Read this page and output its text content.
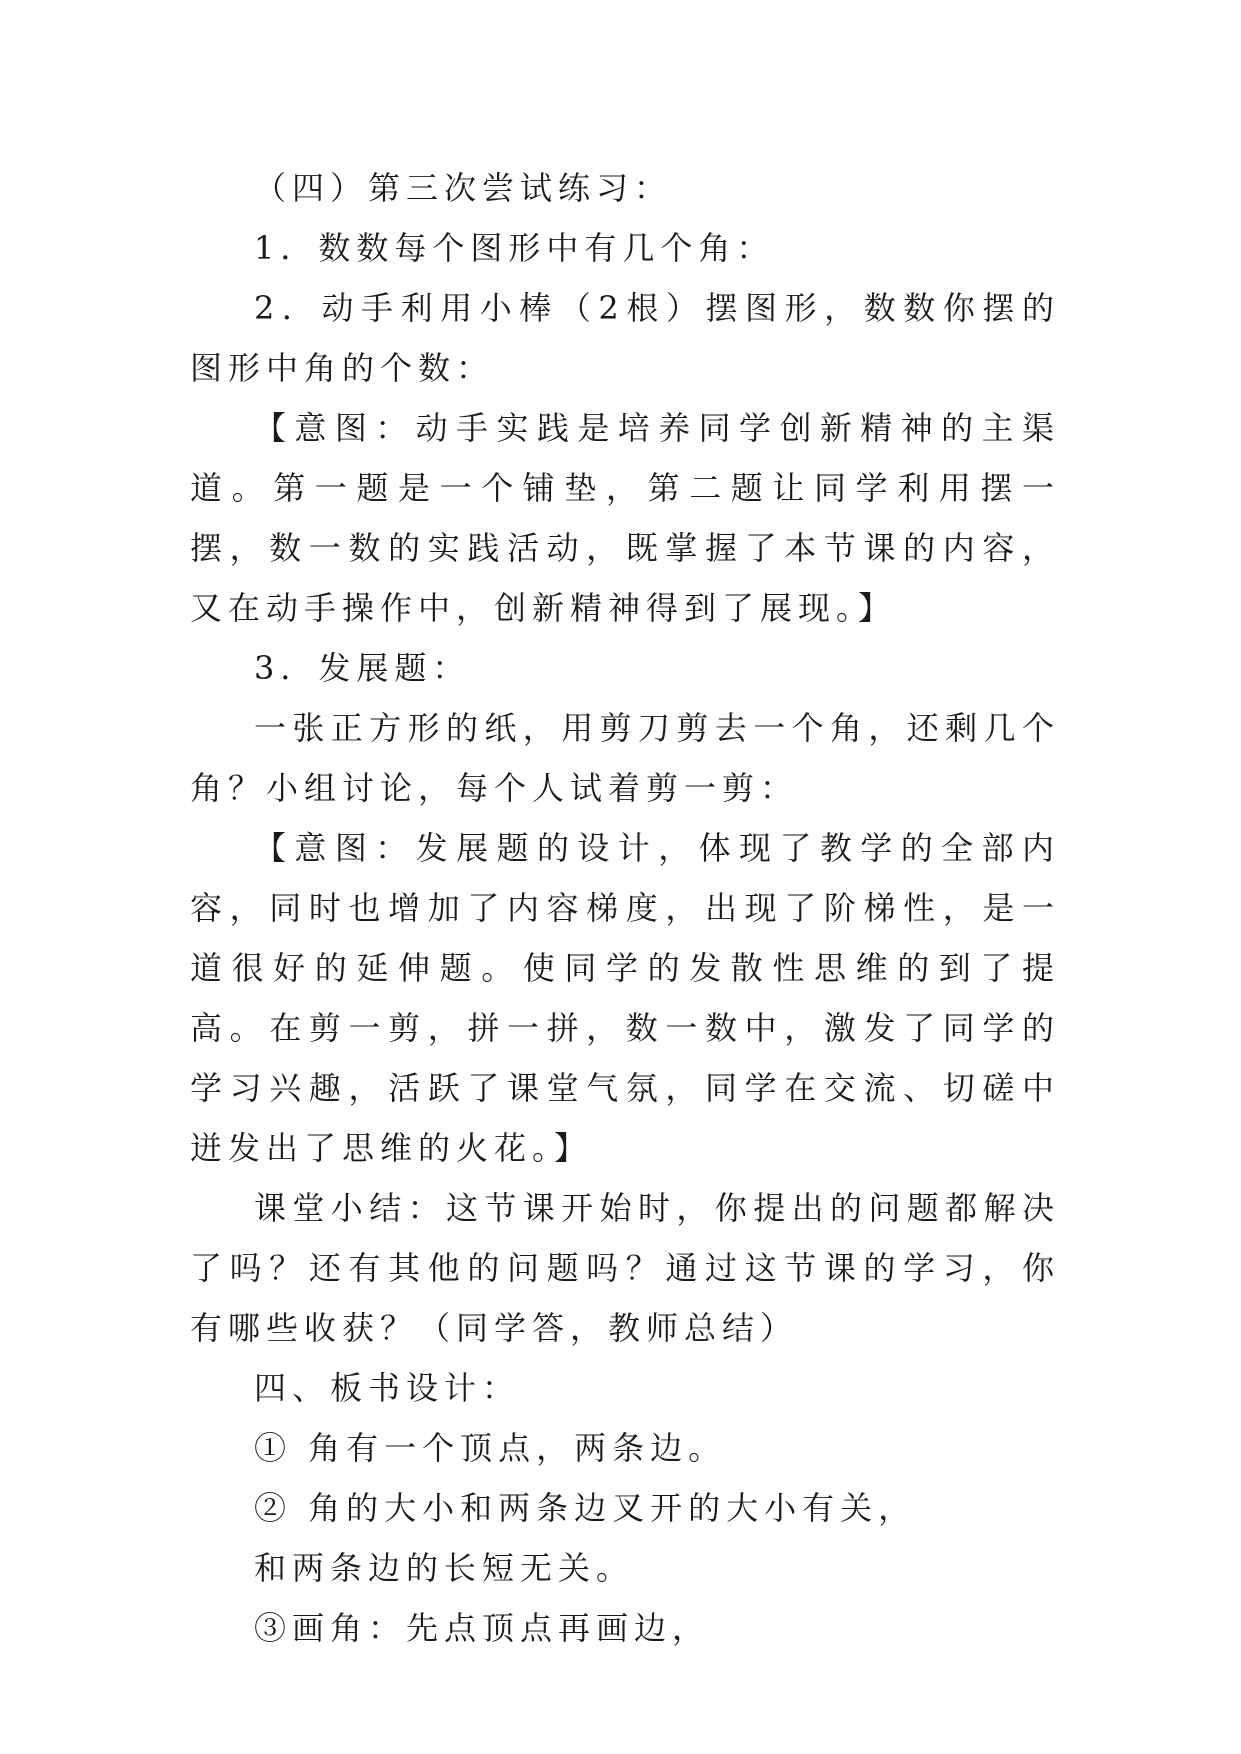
（四）第三次尝试练习：

1．数数每个图形中有几个角：

2．动手利用小棒（2根）摆图形，数数你摆的图形中角的个数：

【意图：动手实践是培养同学创新精神的主渠道。第一题是一个铺垫，第二题让同学利用摆一摆，数一数的实践活动，既掌握了本节课的内容，又在动手操作中，创新精神得到了展现。】

3．发展题：

一张正方形的纸，用剪刀剪去一个角，还剩几个角？小组讨论，每个人试着剪一剪：

【意图：发展题的设计，体现了教学的全部内容，同时也增加了内容梯度，出现了阶梯性，是一道很好的延伸题。使同学的发散性思维的到了提高。在剪一剪，拼一拼，数一数中，激发了同学的学习兴趣，活跃了课堂气氛，同学在交流、切磋中迸发出了思维的火花。】

课堂小结：这节课开始时，你提出的问题都解决了吗？还有其他的问题吗？通过这节课的学习，你有哪些收获？（同学答，教师总结）

四、板书设计：

① 角有一个顶点，两条边。

② 角的大小和两条边叉开的大小有关，

和两条边的长短无关。

③画角：先点顶点再画边，
